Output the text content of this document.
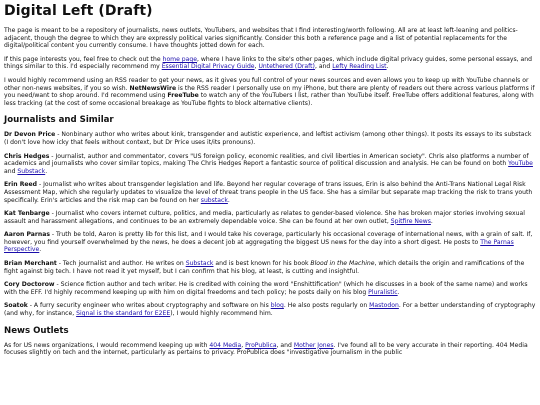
Digital Left (Draft)

The page is meant to be a repository of journalists, news outlets, YouTubers, and websites that I find interesting/worth following. All are at least left-leaning and politics-adjacent, though the degree to which they are expressly political varies significantly. Consider this both a reference page and a list of potential replacements for the digital/political content you currently consume. I have thoughts jotted down for each.

If this page interests you, feel free to check out the home page, where I have links to the site's other pages, which include digital privacy guides, some personal essays, and things similar to this. I'd especially recommend my Essential Digital Privacy Guide, Untethered (Draft), and Lefty Reading List.

I would highly recommend using an RSS reader to get your news, as it gives you full control of your news sources and even allows you to keep up with YouTube channels or other non-news websites, if you so wish. NetNewsWire is the RSS reader I personally use on my iPhone, but there are plenty of readers out there across various platforms if you need/want to shop around. I'd recommend using FreeTube to watch any of the YouTubers I list, rather than YouTube itself. FreeTube offers additional features, along with less tracking (at the cost of some occasional breakage as YouTube fights to block alternative clients).

Journalists and Similar

Dr Devon Price - Nonbinary author who writes about kink, transgender and autistic experience, and leftist activism (among other things). It posts its essays to its substack (I don't love how icky that feels without context, but Dr Price uses it/its pronouns).

Chris Hedges - Journalist, author and commentator, covers "US foreign policy, economic realities, and civil liberties in American society". Chris also platforms a number of academics and journalists who cover similar topics, making The Chris Hedges Report a fantastic source of political discussion and analysis. He can be found on both YouTube and Substack.

Erin Reed - Journalist who writes about transgender legislation and life. Beyond her regular coverage of trans issues, Erin is also behind the Anti-Trans National Legal Risk Assessment Map, which she regularly updates to visualize the level of threat trans people in the US face. She has a similar but separate map tracking the risk to trans youth specifically. Erin's articles and the risk map can be found on her substack.

Kat Tenbarge - Journalist who covers internet culture, politics, and media, particularly as relates to gender-based violence. She has broken major stories involving sexual assault and harassment allegations, and continues to be an extremely dependable voice. She can be found at her own outlet, Spitfire News.

Aaron Parnas - Truth be told, Aaron is pretty lib for this list, and I would take his coverage, particularly his occasional coverage of international news, with a grain of salt. If, however, you find yourself overwhelmed by the news, he does a decent job at aggregating the biggest US news for the day into a short digest. He posts to The Parnas Perspective.

Brian Merchant - Tech journalist and author. He writes on Substack and is best known for his book Blood in the Machine, which details the origin and ramifications of the fight against big tech. I have not read it yet myself, but I can confirm that his blog, at least, is cutting and insightful.

Cory Doctorow - Science fiction author and tech writer. He is credited with coining the word "Enshittification" (which he discusses in a book of the same name) and works with the EFF. I'd highly recommend keeping up with him on digital freedoms and tech policy; he posts daily on his blog Pluralistic.

Soatok - A furry security engineer who writes about cryptography and software on his blog. He also posts regularly on Mastodon. For a better understanding of cryptography (and why, for instance, Signal is the standard for E2EE), I would highly recommend him.

News Outlets

As for US news organizations, I would recommend keeping up with 404 Media, ProPublica, and Mother Jones. I've found all to be very accurate in their reporting. 404 Media focuses slightly on tech and the internet, particularly as pertains to privacy. ProPublica does "investigative journalism in the public
